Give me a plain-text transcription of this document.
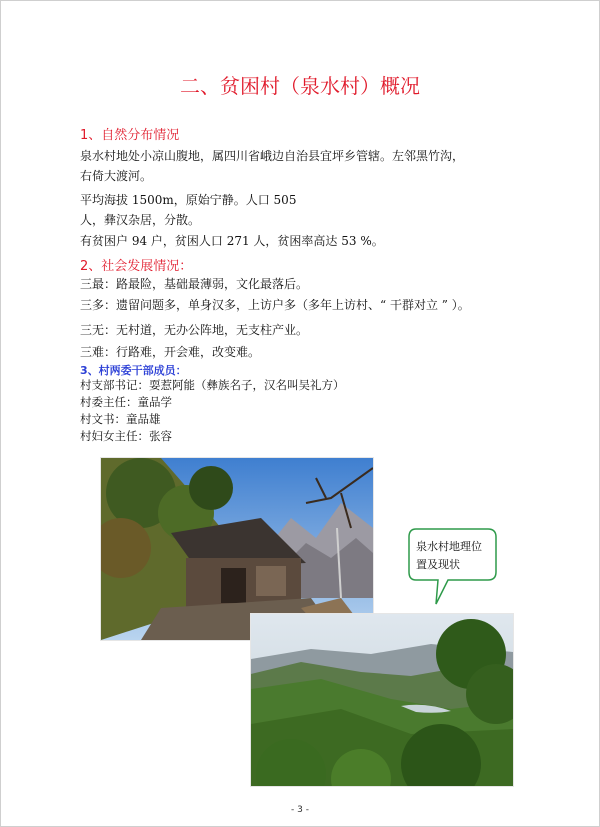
二、贫困村（泉水村）概况
1、自然分布情况
泉水村地处小凉山腹地，属四川省峨边自治县宜坪乡管辖。左邻黑竹沟，
右倚大渡河。
平均海拔 1500m，原始宁静。人口 505
人，彝汉杂居，分散。
有贫困户 94 户，贫困人口 271 人，贫困率高达 53 %。
2、社会发展情况：
三最：路最险，基础最薄弱，文化最落后。
三多：遗留问题多，单身汉多，上访户多（多年上访村、“ 干群对立 ” ）。
三无：无村道，无办公阵地，无支柱产业。
三难：行路难，开会难，改变难。
3、村两委干部成员：
村支部书记：耍惹阿能（彝族名子，汉名叫吴礼方）
村委主任：童品学
村文书：童品雄
村妇女主任：张容
泉水村地理位置及现状
- 3 -
